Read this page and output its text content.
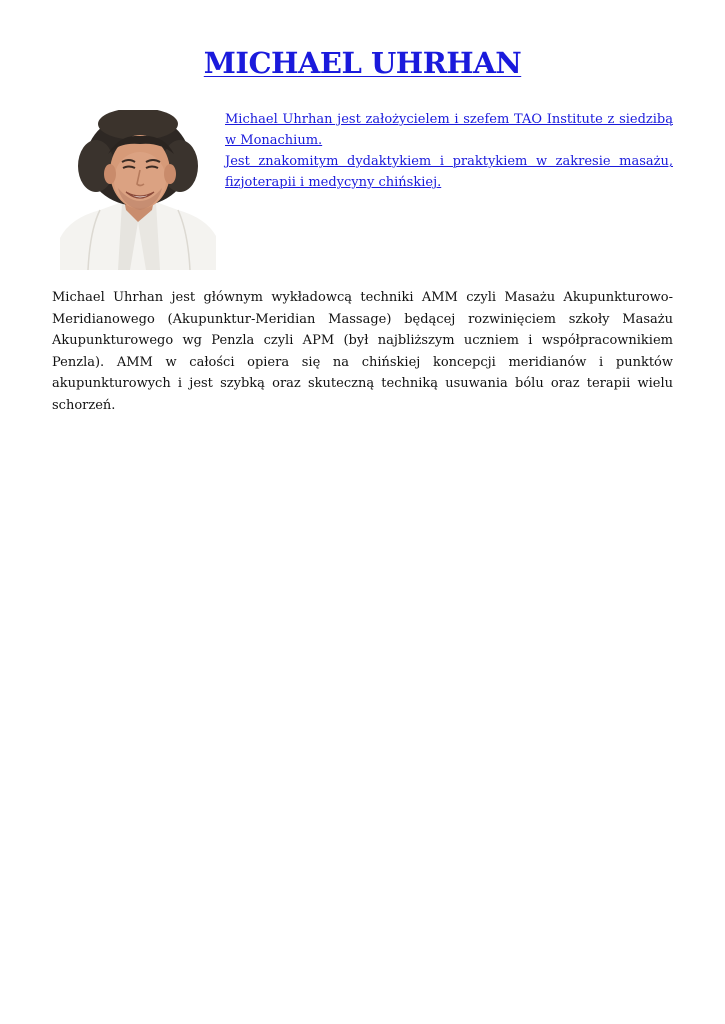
MICHAEL UHRHAN

Michael Uhrhan jest założycielem i szefem TAO Institute z siedzibą w Monachium.

Jest znakomitym dydaktykiem i praktykiem w zakresie masażu, fizjoterapii i medycyny chińskiej.

Michael Uhrhan jest głównym wykładowcą techniki AMM czyli Masażu Akupunkturowo-Meridianowego (Akupunktur-Meridian Massage) będącej rozwinięciem szkoły Masażu Akupunkturowego wg Penzla czyli APM (był najbliższym uczniem i współpracownikiem Penzla). AMM w całości opiera się na chińskiej koncepcji meridianów i punktów akupunkturowych i jest szybką oraz skuteczną techniką usuwania bólu oraz terapii wielu schorzeń.
